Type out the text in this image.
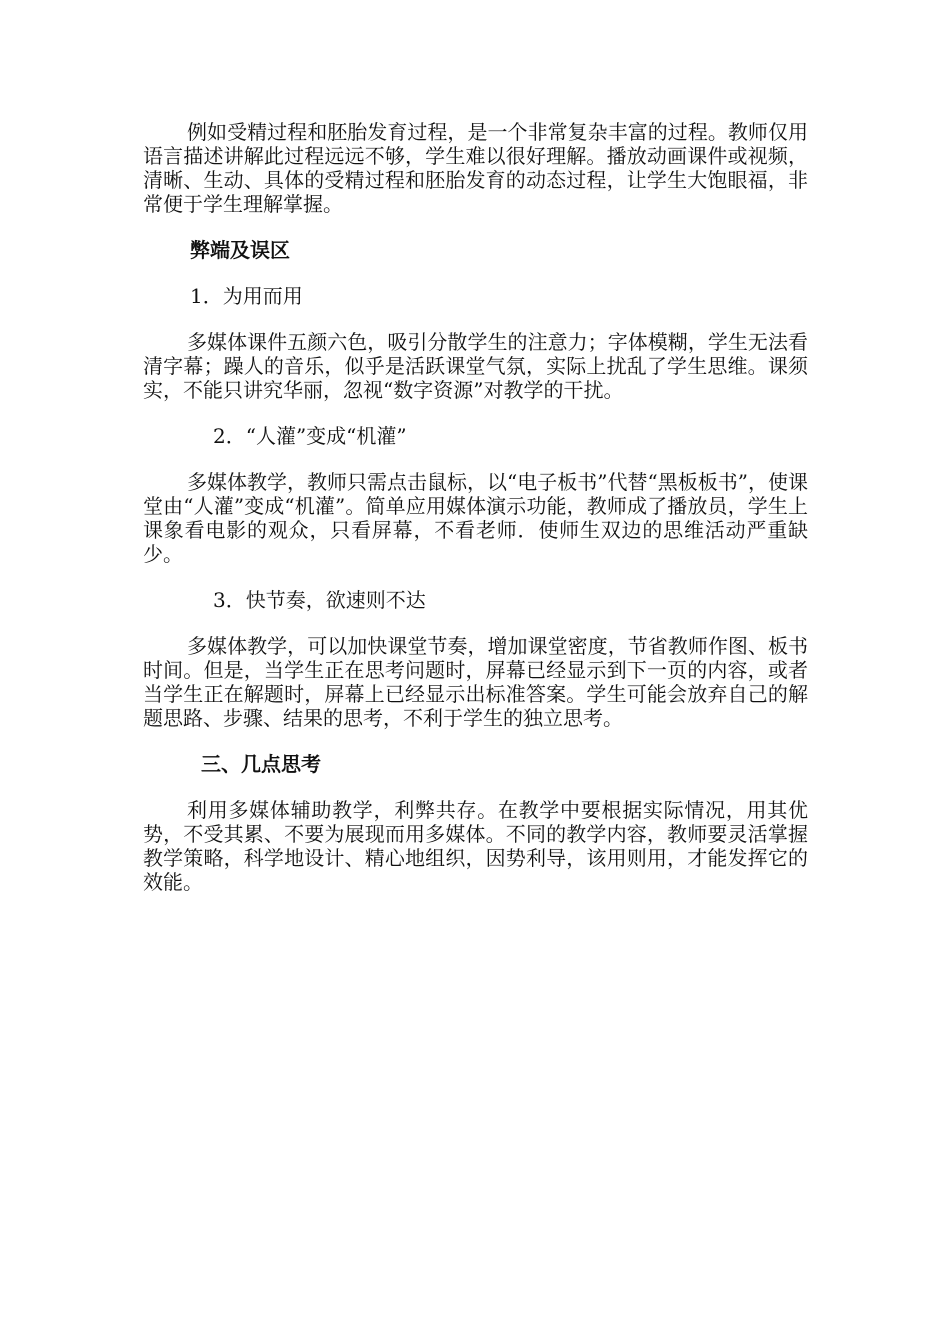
例如受精过程和胚胎发育过程，是一个非常复杂丰富的过程。教师仅用语言描述讲解此过程远远不够，学生难以很好理解。播放动画课件或视频，清晰、生动、具体的受精过程和胚胎发育的动态过程，让学生大饱眼福，非常便于学生理解掌握。

弊端及误区
1．为用而用

多媒体课件五颜六色，吸引分散学生的注意力；字体模糊，学生无法看清字幕；躁人的音乐，似乎是活跃课堂气氛，实际上扰乱了学生思维。课须实，不能只讲究华丽，忽视“数字资源”对教学的干扰。

2．“人灌”变成“机灌”

多媒体教学，教师只需点击鼠标，以“电子板书”代替“黑板板书”，使课堂由“人灌”变成“机灌”。简单应用媒体演示功能，教师成了播放员，学生上课象看电影的观众，只看屏幕，不看老师．使师生双边的思维活动严重缺少。

3．快节奏，欲速则不达

多媒体教学，可以加快课堂节奏，增加课堂密度，节省教师作图、板书时间。但是，当学生正在思考问题时，屏幕已经显示到下一页的内容，或者当学生正在解题时，屏幕上已经显示出标准答案。学生可能会放弃自己的解题思路、步骤、结果的思考，不利于学生的独立思考。

三、几点思考

利用多媒体辅助教学，利弊共存。在教学中要根据实际情况，用其优势，不受其累、不要为展现而用多媒体。不同的教学内容，教师要灵活掌握教学策略，科学地设计、精心地组织，因势利导，该用则用，才能发挥它的效能。
